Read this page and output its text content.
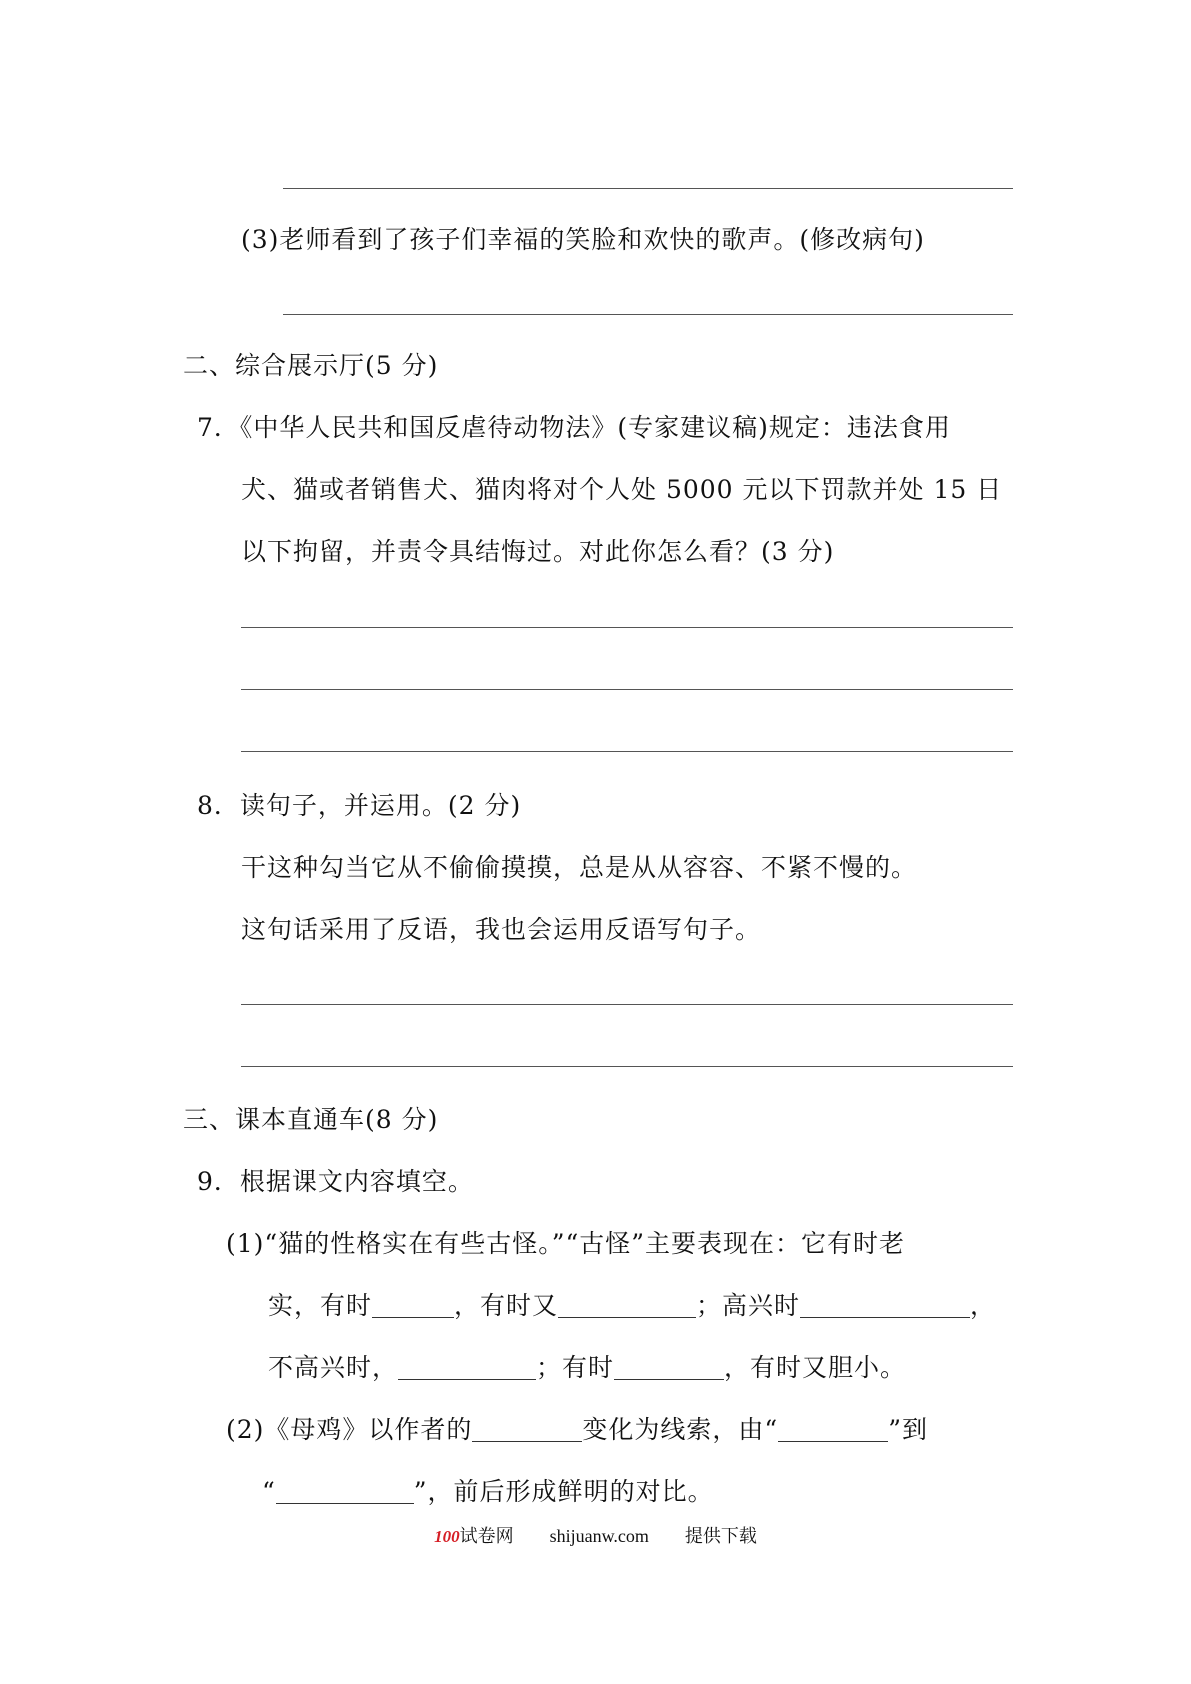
(3)老师看到了孩子们幸福的笑脸和欢快的歌声。(修改病句)
二、综合展示厅(5 分)
7．《中华人民共和国反虐待动物法》(专家建议稿)规定：违法食用
犬、猫或者销售犬、猫肉将对个人处 5000 元以下罚款并处 15 日
以下拘留，并责令具结悔过。对此你怎么看？(3 分)
8．读句子，并运用。(2 分)
干这种勾当它从不偷偷摸摸，总是从从容容、不紧不慢的。
这句话采用了反语，我也会运用反语写句子。
三、课本直通车(8 分)
9．根据课文内容填空。
(1)“猫的性格实在有些古怪。”“古怪”主要表现在：它有时老
实，有时	，有时又	；高兴时	，
不高兴时，	；有时	，有时又胆小。
(2)《母鸡》以作者的	变化为线索，由“	”到
“	”，前后形成鲜明的对比。
100试卷网 shijuanw.com 提供下载
